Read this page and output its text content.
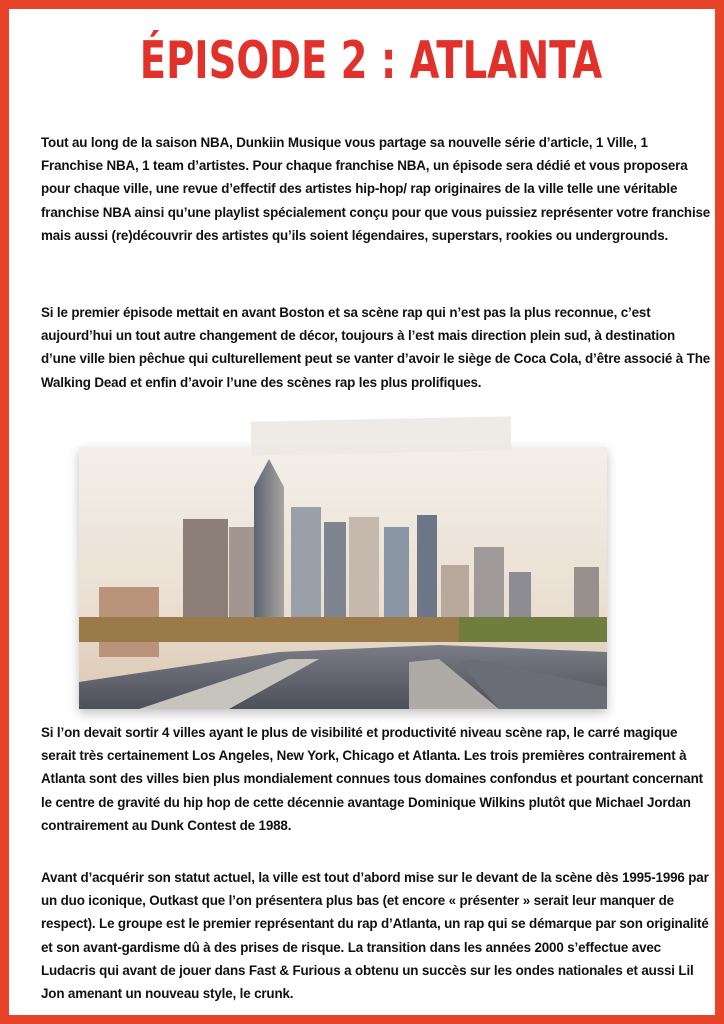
ÉPISODE 2 : ATLANTA

Tout au long de la saison NBA, Dunkiin Musique vous partage sa nouvelle série d’article, 1 Ville, 1 Franchise NBA, 1 team d’artistes. Pour chaque franchise NBA, un épisode sera dédié et vous proposera pour chaque ville, une revue d’effectif des artistes hip-hop/ rap originaires de la ville telle une véritable franchise NBA ainsi qu’une playlist spécialement conçu pour que vous puissiez représenter votre franchise mais aussi (re)découvrir des artistes qu’ils soient légendaires, superstars, rookies ou undergrounds.

Si le premier épisode mettait en avant Boston et sa scène rap qui n’est pas la plus reconnue, c’est aujourd’hui un tout autre changement de décor, toujours à l’est mais direction plein sud, à destination d’une ville bien pêchue qui culturellement peut se vanter d’avoir le siège de Coca Cola, d’être associé à The Walking Dead et enfin d’avoir l’une des scènes rap les plus prolifiques.

Si l’on devait sortir 4 villes ayant le plus de visibilité et productivité niveau scène rap, le carré magique serait très certainement Los Angeles, New York, Chicago et Atlanta. Les trois premières contrairement à Atlanta sont des villes bien plus mondialement connues tous domaines confondus et pourtant concernant le centre de gravité du hip hop de cette décennie avantage Dominique Wilkins plutôt que Michael Jordan contrairement au Dunk Contest de 1988.

Avant d’acquérir son statut actuel, la ville est tout d’abord mise sur le devant de la scène dès 1995-1996 par un duo iconique, Outkast que l’on présentera plus bas (et encore « présenter » serait leur manquer de respect). Le groupe est le premier représentant du rap d’Atlanta, un rap qui se démarque par son originalité et son avant-gardisme dû à des prises de risque. La transition dans les années 2000 s’effectue avec Ludacris qui avant de jouer dans Fast & Furious a obtenu un succès sur les ondes nationales et aussi Lil Jon amenant un nouveau style, le crunk.
